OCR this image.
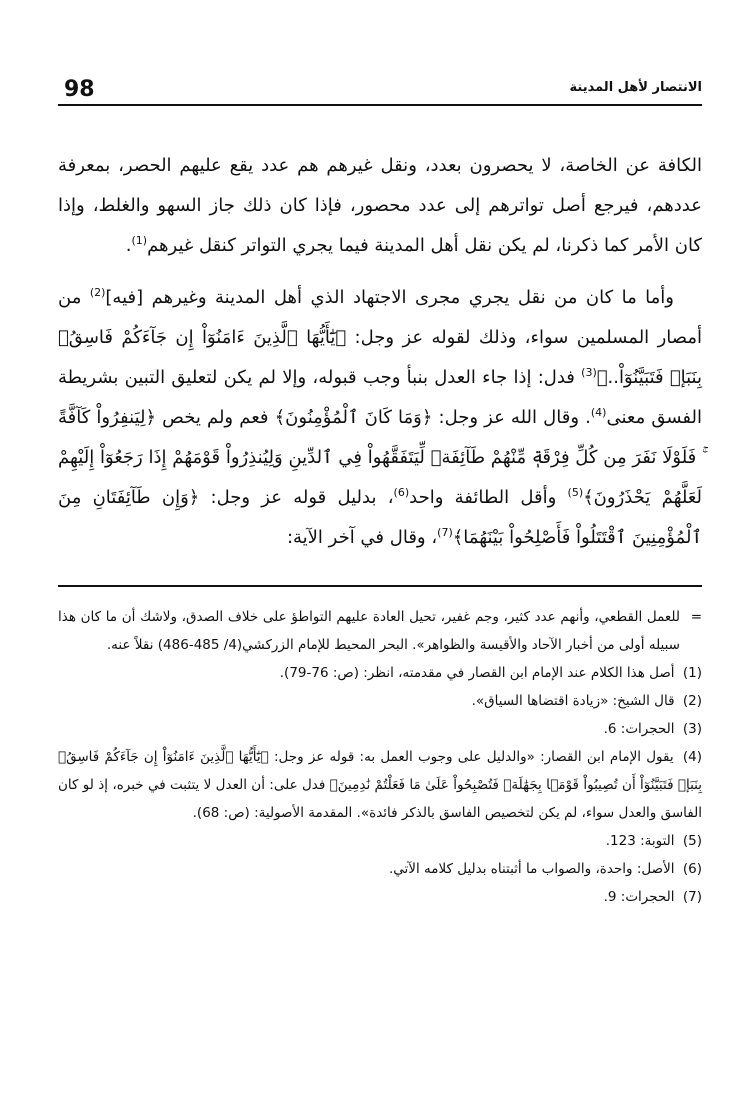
98	الانتصار لأهل المدينة

الكافة عن الخاصة، لا يحصرون بعدد، ونقل غيرهم هم عدد يقع عليهم الحصر، بمعرفة عددهم، فيرجع أصل تواترهم إلى عدد محصور، فإذا كان ذلك جاز السهو والغلط، وإذا كان الأمر كما ذكرنا، لم يكن نقل أهل المدينة فيما يجري التواتر كنقل غيرهم$^{(1)}$.

وأما ما كان من نقل يجري مجرى الاجتهاد الذي أهل المدينة وغيرهم [فيه]$^{(2)}$ من أمصار المسلمين سواء، وذلك لقوله عز وجل: ﴿يَٰٓأَيُّهَا ٱلَّذِينَ ءَامَنُوٓاْ إِن جَآءَكُمْ فَاسِقُۢ بِنَبَإٖ فَتَبَيَّنُوٓاْ..﴾$^{(3)}$ فدل: إذا جاء العدل بنبأ وجب قبوله، وإلا لم يكن لتعليق التبين بشريطة الفسق معنى$^{(4)}$. وقال الله عز وجل: ﴿وَمَا كَانَ ٱلْمُؤْمِنُونَ﴾ فعم ولم يخص ﴿لِيَنفِرُواْ كَآفَّةً ۚ فَلَوْلَا نَفَرَ مِن كُلِّ فِرْقَةٖ مِّنْهُمْ طَآئِفَةٞ لِّيَتَفَقَّهُواْ فِي ٱلدِّينِ وَلِيُنذِرُواْ قَوْمَهُمْ إِذَا رَجَعُوٓاْ إِلَيْهِمْ لَعَلَّهُمْ يَحْذَرُونَ﴾$^{(5)}$ وأقل الطائفة واحد$^{(6)}$، بدليل قوله عز وجل: ﴿وَإِن طَآئِفَتَانِ مِنَ ٱلْمُؤْمِنِينَ ٱقْتَتَلُواْ فَأَصْلِحُواْ بَيْنَهُمَا﴾$^{(7)}$، وقال في آخر الآية:

=
للعمل القطعي، وأنهم عدد كثير، وجم غفير، تحيل العادة عليهم التواطؤ على خلاف الصدق، ولاشك أن ما كان هذا سبيله أولى من أخبار الآحاد والأقيسة والظواهر». البحر المحيط للإمام الزركشي(4/ 485-486) نقلاً عنه.

(1) أصل هذا الكلام عند الإمام ابن القصار في مقدمته، انظر: (ص: 76-79).

(2) قال الشيخ: «زيادة اقتضاها السياق».

(3) الحجرات: 6.

(4) يقول الإمام ابن القصار: «والدليل على وجوب العمل به: قوله عز وجل: ﴿يَٰٓأَيُّهَا ٱلَّذِينَ ءَامَنُوٓاْ إِن جَآءَكُمْ فَاسِقُۢ بِنَبَإٖ فَتَبَيَّنُوٓاْ أَن تُصِيبُواْ قَوْمَۢا بِجَهَٰلَةٖ فَتُصْبِحُواْ عَلَىٰ مَا فَعَلْتُمْ نَٰدِمِينَ﴾ فدل على: أن العدل لا يتثبت في خبره، إذ لو كان الفاسق والعدل سواء، لم يكن لتخصيص الفاسق بالذكر فائدة». المقدمة الأصولية: (ص: 68).

(5) التوبة: 123.

(6) الأصل: واحدة، والصواب ما أثبتناه بدليل كلامه الآتي.

(7) الحجرات: 9.
